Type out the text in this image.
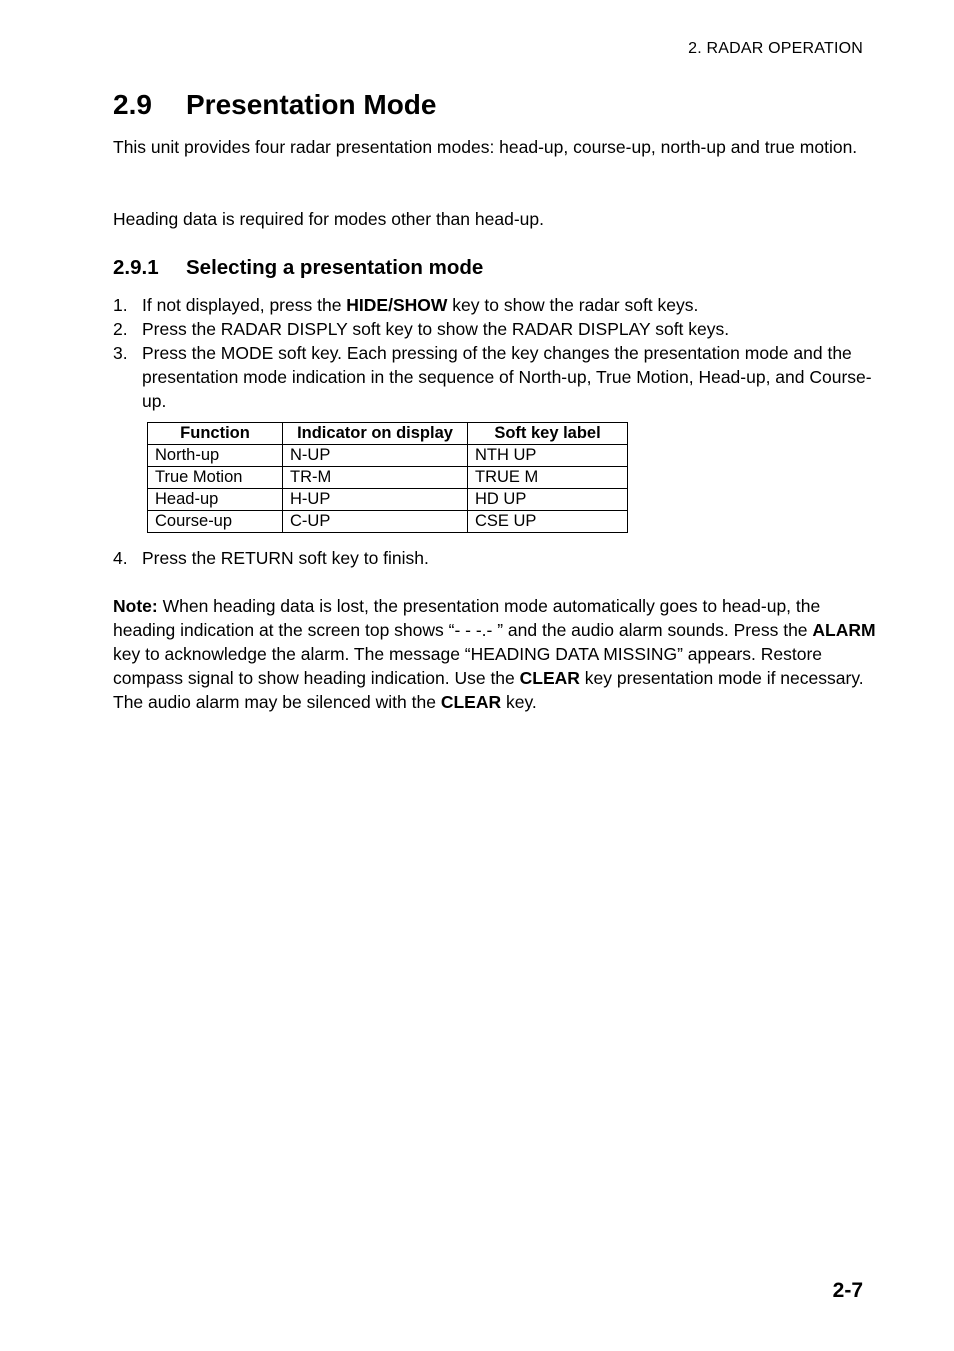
2. RADAR OPERATION
2.9 Presentation Mode
This unit provides four radar presentation modes: head-up, course-up, north-up and true motion.
Heading data is required for modes other than head-up.
2.9.1 Selecting a presentation mode
1. If not displayed, press the HIDE/SHOW key to show the radar soft keys.
2. Press the RADAR DISPLY soft key to show the RADAR DISPLAY soft keys.
3. Press the MODE soft key. Each pressing of the key changes the presentation mode and the presentation mode indication in the sequence of North-up, True Motion, Head-up, and Course-up.
Function	Indicator on display	Soft key label
North-up	N-UP	NTH UP
True Motion	TR-M	TRUE M
Head-up	H-UP	HD UP
Course-up	C-UP	CSE UP
4. Press the RETURN soft key to finish.
Note: When heading data is lost, the presentation mode automatically goes to head-up, the heading indication at the screen top shows “- - -.- ” and the audio alarm sounds. Press the ALARM key to acknowledge the alarm. The message “HEADING DATA MISSING” appears. Restore compass signal to show heading indication. Use the CLEAR key presentation mode if necessary. The audio alarm may be silenced with the CLEAR key.
2-7
